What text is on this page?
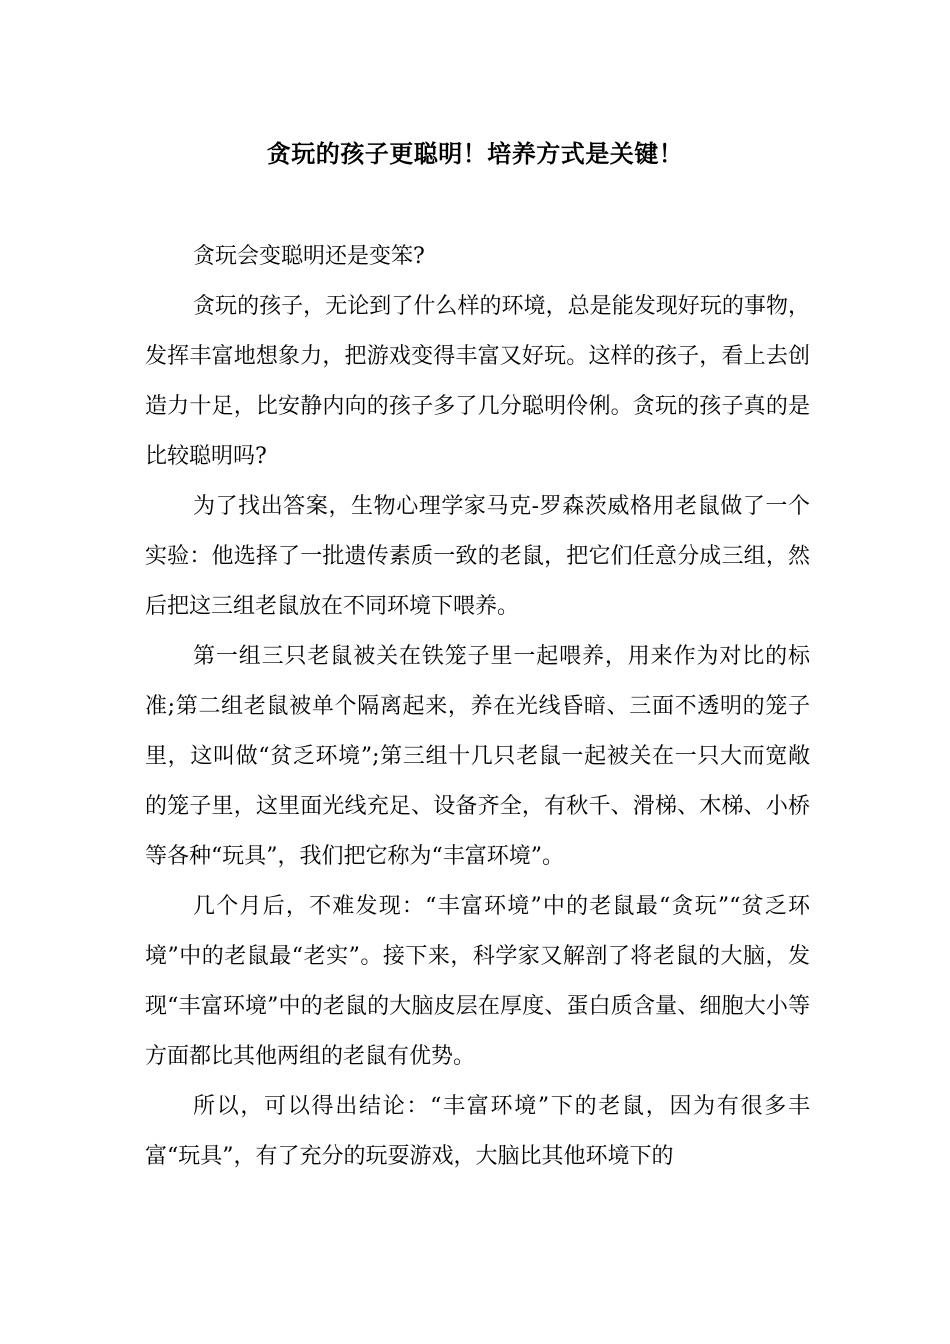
贪玩的孩子更聪明！培养方式是关键！

贪玩会变聪明还是变笨?

贪玩的孩子，无论到了什么样的环境，总是能发现好玩的事物，发挥丰富地想象力，把游戏变得丰富又好玩。这样的孩子，看上去创造力十足，比安静内向的孩子多了几分聪明伶俐。贪玩的孩子真的是比较聪明吗?

为了找出答案，生物心理学家马克-罗森茨威格用老鼠做了一个实验：他选择了一批遗传素质一致的老鼠，把它们任意分成三组，然后把这三组老鼠放在不同环境下喂养。

第一组三只老鼠被关在铁笼子里一起喂养，用来作为对比的标准;第二组老鼠被单个隔离起来，养在光线昏暗、三面不透明的笼子里，这叫做“贫乏环境”;第三组十几只老鼠一起被关在一只大而宽敞的笼子里，这里面光线充足、设备齐全，有秋千、滑梯、木梯、小桥等各种“玩具”，我们把它称为“丰富环境”。

几个月后，不难发现：“丰富环境”中的老鼠最“贪玩”“贫乏环境”中的老鼠最“老实”。接下来，科学家又解剖了将老鼠的大脑，发现“丰富环境”中的老鼠的大脑皮层在厚度、蛋白质含量、细胞大小等方面都比其他两组的老鼠有优势。

所以，可以得出结论：“丰富环境”下的老鼠，因为有很多丰富“玩具”，有了充分的玩耍游戏，大脑比其他环境下的
